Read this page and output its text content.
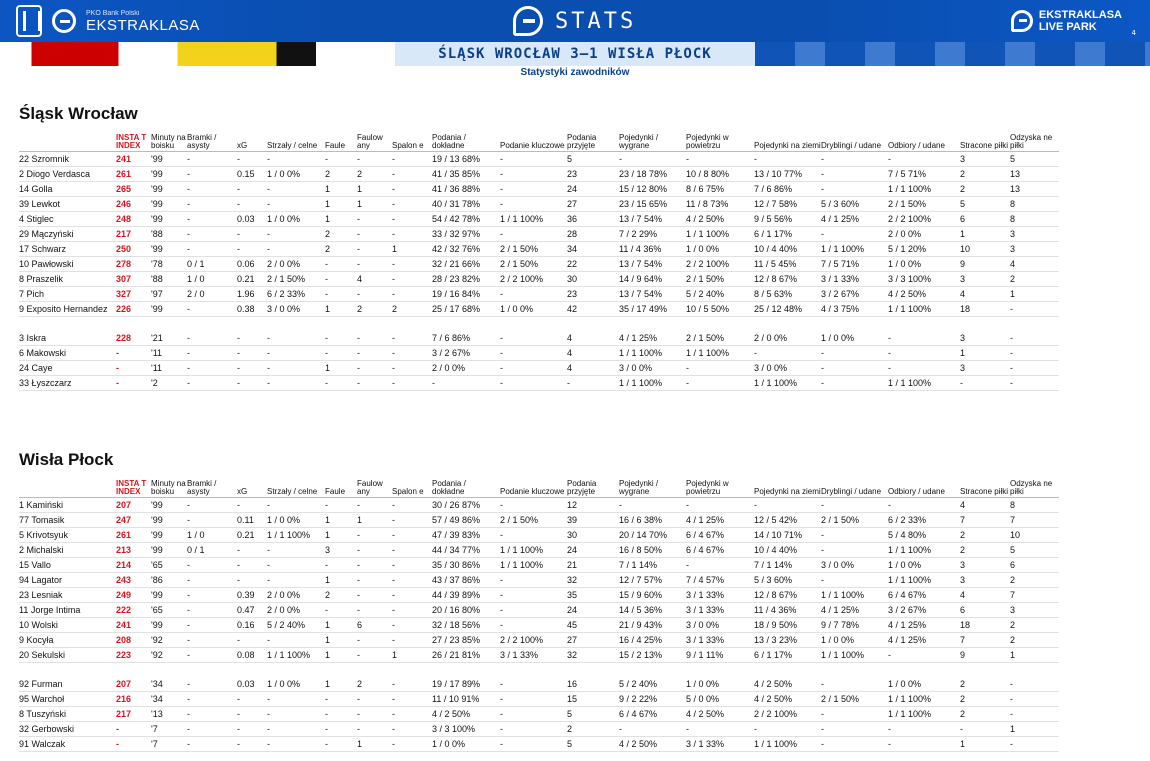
PKO Bank Polski
EKSTRAKLASA	STATS	EKSTRAKLASA
LIVE PARK	4
ŚLĄSK WROCŁAW 3–1 WISŁA PŁOCK
Statystyki zawodników
Śląsk Wrocław
	INSTA T INDEX	Minuty na boisku	Bramki / asysty	xG	Strzały / celne	Faule	Faulow any	Spalon e	Podania / dokładne	Podanie kluczowe	Podania przyjęte	Pojedynki / wygrane	Pojedynki w powietrzu	Pojedynki na ziemi	Dryblingi / udane	Odbiory / udane	Stracone piłki	Odzyska ne piłki
22 Szromnik	241	'99	-	-	-	-	-	-	19 / 13 68%	-	5	-	-	-	-	-	3	5
2 Diogo Verdasca	261	'99	-	0.15	1 / 0 0%	2	2	-	41 / 35 85%	-	23	23 / 18 78%	10 / 8 80%	13 / 10 77%	-	7 / 5 71%	2	13
14 Golla	265	'99	-	-	-	1	1	-	41 / 36 88%	-	24	15 / 12 80%	8 / 6 75%	7 / 6 86%	-	1 / 1 100%	2	13
39 Lewkot	246	'99	-	-	-	1	1	-	40 / 31 78%	-	27	23 / 15 65%	11 / 8 73%	12 / 7 58%	5 / 3 60%	2 / 1 50%	5	8
4 Stiglec	248	'99	-	0.03	1 / 0 0%	1	-	-	54 / 42 78%	1 / 1 100%	36	13 / 7 54%	4 / 2 50%	9 / 5 56%	4 / 1 25%	2 / 2 100%	6	8
29 Mączyński	217	'88	-	-	-	2	-	-	33 / 32 97%	-	28	7 / 2 29%	1 / 1 100%	6 / 1 17%	-	2 / 0 0%	1	3
17 Schwarz	250	'99	-	-	-	2	-	1	42 / 32 76%	2 / 1 50%	34	11 / 4 36%	1 / 0 0%	10 / 4 40%	1 / 1 100%	5 / 1 20%	10	3
10 Pawłowski	278	'78	0 / 1	0.06	2 / 0 0%	-	-	-	32 / 21 66%	2 / 1 50%	22	13 / 7 54%	2 / 2 100%	11 / 5 45%	7 / 5 71%	1 / 0 0%	9	4
8 Praszelik	307	'88	1 / 0	0.21	2 / 1 50%	-	4	-	28 / 23 82%	2 / 2 100%	30	14 / 9 64%	2 / 1 50%	12 / 8 67%	3 / 1 33%	3 / 3 100%	3	2
7 Pich	327	'97	2 / 0	1.96	6 / 2 33%	-	-	-	19 / 16 84%	-	23	13 / 7 54%	5 / 2 40%	8 / 5 63%	3 / 2 67%	4 / 2 50%	4	1
9 Exposito Hernandez	226	'99	-	0.38	3 / 0 0%	1	2	2	25 / 17 68%	1 / 0 0%	42	35 / 17 49%	10 / 5 50%	25 / 12 48%	4 / 3 75%	1 / 1 100%	18	-

3 Iskra	228	'21	-	-	-	-	-	-	7 / 6 86%	-	4	4 / 1 25%	2 / 1 50%	2 / 0 0%	1 / 0 0%	-	3	-
6 Makowski	-	'11	-	-	-	-	-	-	3 / 2 67%	-	4	1 / 1 100%	1 / 1 100%	-	-	-	1	-
24 Caye	-	'11	-	-	-	1	-	-	2 / 0 0%	-	4	3 / 0 0%	-	3 / 0 0%	-	-	3	-
33 Łyszczarz	-	'2	-	-	-	-	-	-	-	-	-	1 / 1 100%	-	1 / 1 100%	-	1 / 1 100%	-	-
Wisła Płock
	INSTA T INDEX	Minuty na boisku	Bramki / asysty	xG	Strzały / celne	Faule	Faulow any	Spalon e	Podania / dokładne	Podanie kluczowe	Podania przyjęte	Pojedynki / wygrane	Pojedynki w powietrzu	Pojedynki na ziemi	Dryblingi / udane	Odbiory / udane	Stracone piłki	Odzyska ne piłki
1 Kamiński	207	'99	-	-	-	-	-	-	30 / 26 87%	-	12	-	-	-	-	-	4	8
77 Tomasik	247	'99	-	0.11	1 / 0 0%	1	1	-	57 / 49 86%	2 / 1 50%	39	16 / 6 38%	4 / 1 25%	12 / 5 42%	2 / 1 50%	6 / 2 33%	7	7
5 Krivotsyuk	261	'99	1 / 0	0.21	1 / 1 100%	1	-	-	47 / 39 83%	-	30	20 / 14 70%	6 / 4 67%	14 / 10 71%	-	5 / 4 80%	2	10
2 Michalski	213	'99	0 / 1	-	-	3	-	-	44 / 34 77%	1 / 1 100%	24	16 / 8 50%	6 / 4 67%	10 / 4 40%	-	1 / 1 100%	2	5
15 Vallo	214	'65	-	-	-	-	-	-	35 / 30 86%	1 / 1 100%	21	7 / 1 14%	-	7 / 1 14%	3 / 0 0%	1 / 0 0%	3	6
94 Lagator	243	'86	-	-	-	1	-	-	43 / 37 86%	-	32	12 / 7 57%	7 / 4 57%	5 / 3 60%	-	1 / 1 100%	3	2
23 Lesniak	249	'99	-	0.39	2 / 0 0%	2	-	-	44 / 39 89%	-	35	15 / 9 60%	3 / 1 33%	12 / 8 67%	1 / 1 100%	6 / 4 67%	4	7
11 Jorge Intima	222	'65	-	0.47	2 / 0 0%	-	-	-	20 / 16 80%	-	24	14 / 5 36%	3 / 1 33%	11 / 4 36%	4 / 1 25%	3 / 2 67%	6	3
10 Wolski	241	'99	-	0.16	5 / 2 40%	1	6	-	32 / 18 56%	-	45	21 / 9 43%	3 / 0 0%	18 / 9 50%	9 / 7 78%	4 / 1 25%	18	2
9 Kocyła	208	'92	-	-	-	1	-	-	27 / 23 85%	2 / 2 100%	27	16 / 4 25%	3 / 1 33%	13 / 3 23%	1 / 0 0%	4 / 1 25%	7	2
20 Sekulski	223	'92	-	0.08	1 / 1 100%	1	-	1	26 / 21 81%	3 / 1 33%	32	15 / 2 13%	9 / 1 11%	6 / 1 17%	1 / 1 100%	-	9	1

92 Furman	207	'34	-	0.03	1 / 0 0%	1	2	-	19 / 17 89%	-	16	5 / 2 40%	1 / 0 0%	4 / 2 50%	-	1 / 0 0%	2	-
95 Warchoł	216	'34	-	-	-	-	-	-	11 / 10 91%	-	15	9 / 2 22%	5 / 0 0%	4 / 2 50%	2 / 1 50%	1 / 1 100%	2	-
8 Tuszyński	217	'13	-	-	-	-	-	-	4 / 2 50%	-	5	6 / 4 67%	4 / 2 50%	2 / 2 100%	-	1 / 1 100%	2	-
32 Gerbowski	-	'7	-	-	-	-	-	-	3 / 3 100%	-	2	-	-	-	-	-	-	1
91 Walczak	-	'7	-	-	-	-	1	-	1 / 0 0%	-	5	4 / 2 50%	3 / 1 33%	1 / 1 100%	-	-	1	-
